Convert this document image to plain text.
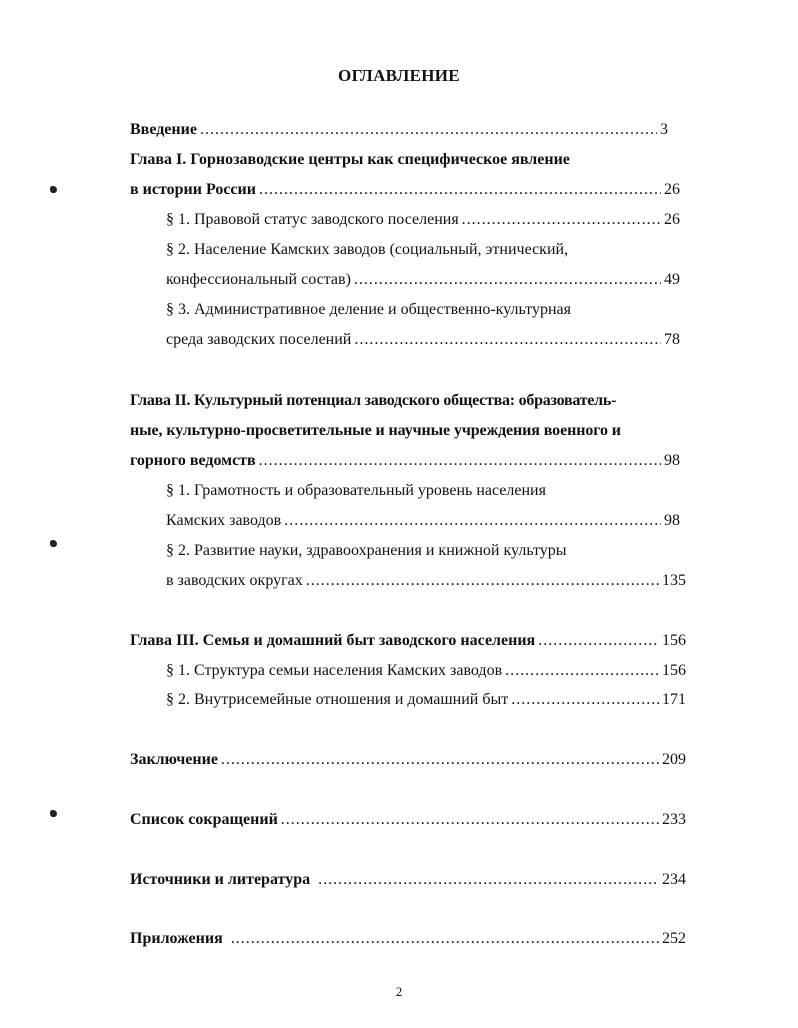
ОГЛАВЛЕНИЕ
Введение .....	3
Глава I. Горнозаводские центры как специфическое явление
в истории России .....	26
§ 1. Правовой статус заводского поселения .....	26
§ 2. Население Камских заводов (социальный, этнический,
конфессиональный состав) .....	49
§ 3. Административное деление и общественно-культурная
среда заводских поселений .....	78
Глава II. Культурный потенциал заводского общества: образователь-
ные, культурно-просветительные и научные учреждения военного и
горного ведомств .....	98
§ 1. Грамотность и образовательный уровень населения
Камских заводов .....	98
§ 2. Развитие науки, здравоохранения и книжной культуры
в заводских округах .....	135
Глава III. Семья и домашний быт заводского населения .....	156
§ 1. Структура семьи населения Камских заводов .....	156
§ 2. Внутрисемейные отношения и домашний быт .....	171
Заключение .....	209
Список сокращений .....	233
Источники и литература .....	234
Приложения .....	252
2
